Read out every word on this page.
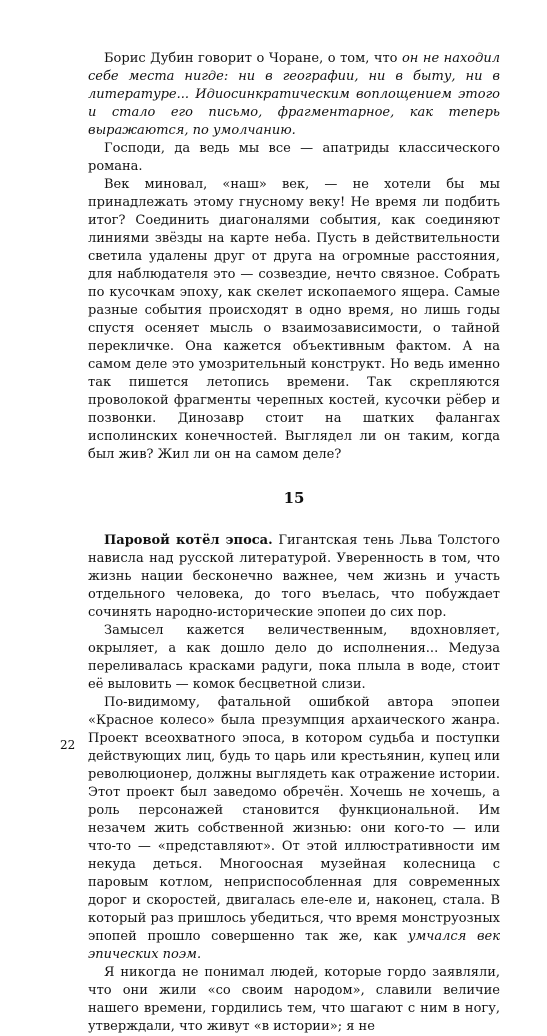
Борис Дубин говорит о Чоране, о том, что он не находил себе места нигде: ни в географии, ни в быту, ни в литературе... Идиосинкратическим воплощением этого и стало его письмо, фрагментарное, как теперь выражаются, по умолчанию.

Господи, да ведь мы все — апатриды классического романа.

Век миновал, «наш» век, — не хотели бы мы принадлежать этому гнусному веку! Не время ли подбить итог? Соединить диагоналями события, как соединяют линиями звёзды на карте неба. Пусть в действительности светила удалены друг от друга на огромные расстояния, для наблюдателя это — созвездие, нечто связное. Собрать по кусочкам эпоху, как скелет ископаемого ящера. Самые разные события происходят в одно время, но лишь годы спустя осеняет мысль о взаимозависимости, о тайной перекличке. Она кажется объективным фактом. А на самом деле это умозрительный конструкт. Но ведь именно так пишется летопись времени. Так скрепляются проволокой фрагменты черепных костей, кусочки рёбер и позвонки. Динозавр стоит на шатких фалангах исполинских конечностей. Выглядел ли он таким, когда был жив? Жил ли он на самом деле?

15

Паровой котёл эпоса. Гигантская тень Льва Толстого нависла над русской литературой. Уверенность в том, что жизнь нации бесконечно важнее, чем жизнь и участь отдельного человека, до того въелась, что побуждает сочинять народно-исторические эпопеи до сих пор.

Замысел кажется величественным, вдохновляет, окрыляет, а как дошло дело до исполнения... Медуза переливалась красками радуги, пока плыла в воде, стоит её выловить — комок бесцветной слизи.

По-видимому, фатальной ошибкой автора эпопеи «Красное колесо» была презумпция архаического жанра. Проект всеохватного эпоса, в котором судьба и поступки действующих лиц, будь то царь или крестьянин, купец или революционер, должны выглядеть как отражение истории. Этот проект был заведомо обречён. Хочешь не хочешь, а роль персонажей становится функциональной. Им незачем жить собственной жизнью: они кого-то — или что-то — «представляют». От этой иллюстративности им некуда деться. Многоосная музейная колесница с паровым котлом, неприспособленная для современных дорог и скоростей, двигалась еле-еле и, наконец, стала. В который раз пришлось убедиться, что время монструозных эпопей прошло совершенно так же, как умчался век эпических поэм.

Я никогда не понимал людей, которые гордо заявляли, что они жили «со своим народом», славили величие нашего времени, гордились тем, что шагают с ним в ногу, утверждали, что живут «в истории»; я не

22
